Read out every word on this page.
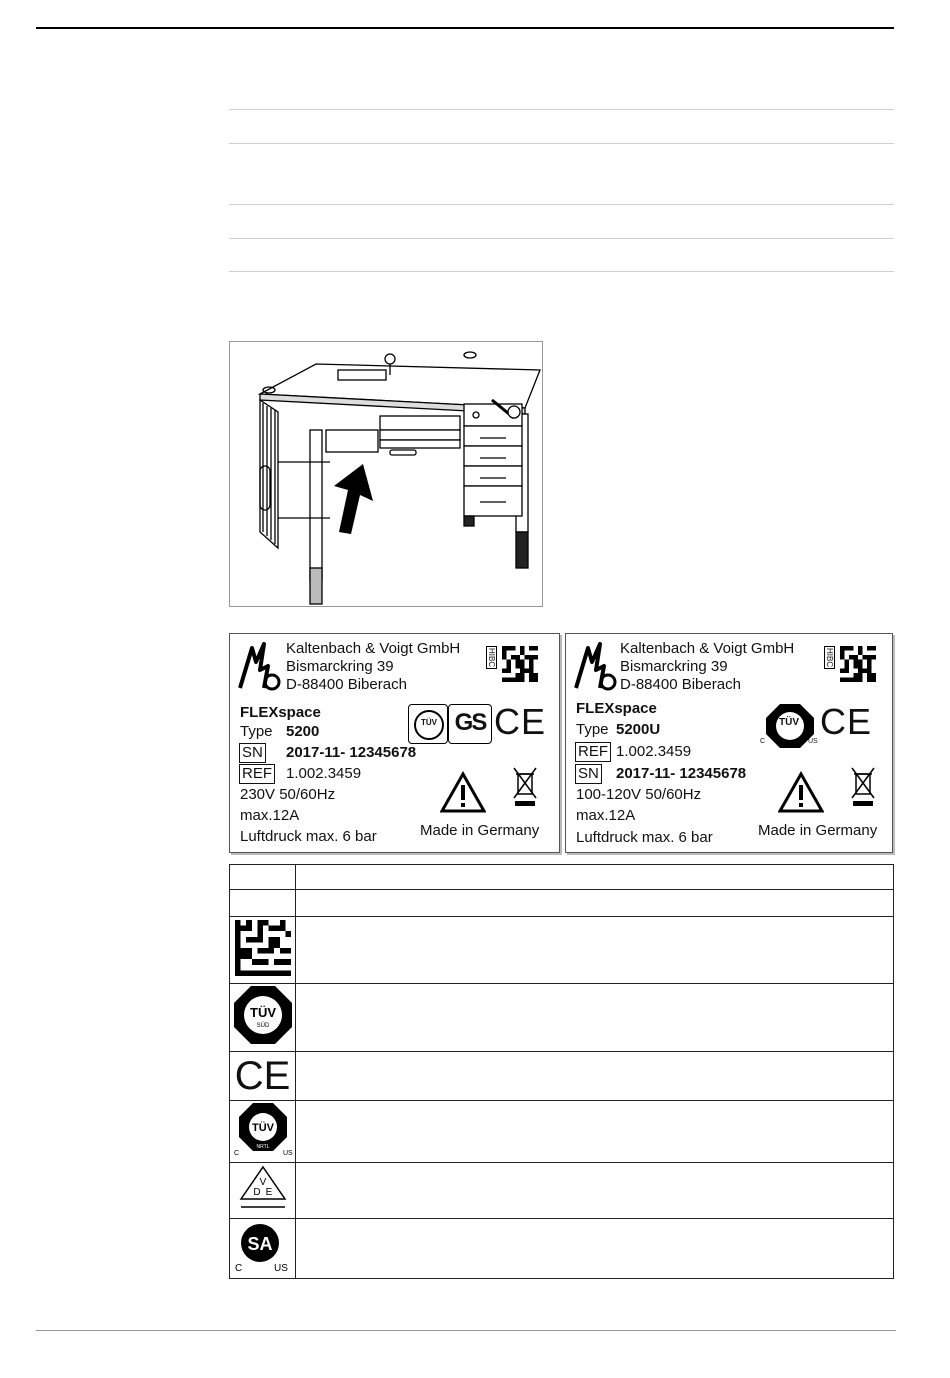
Kaltenbach & Voigt GmbH
Bismarckring 39
D-88400 Biberach
HIBC
FLEXspace
Type 5200
SN 2017-11- 12345678
REF 1.002.3459
230V 50/60Hz
max.12A
Luftdruck max. 6 bar	Made in Germany
TÜV GS CE
Kaltenbach & Voigt GmbH
Bismarckring 39
D-88400 Biberach
HIBC
FLEXspace
Type 5200U
REF 1.002.3459
SN 2017-11- 12345678
100-120V 50/60Hz
max.12A
Luftdruck max. 6 bar	Made in Germany
TÜV
C	US CE

TÜV
SÜD	

CE	

TÜV
NRTL
C US	

V
D E	

SA
C US	
